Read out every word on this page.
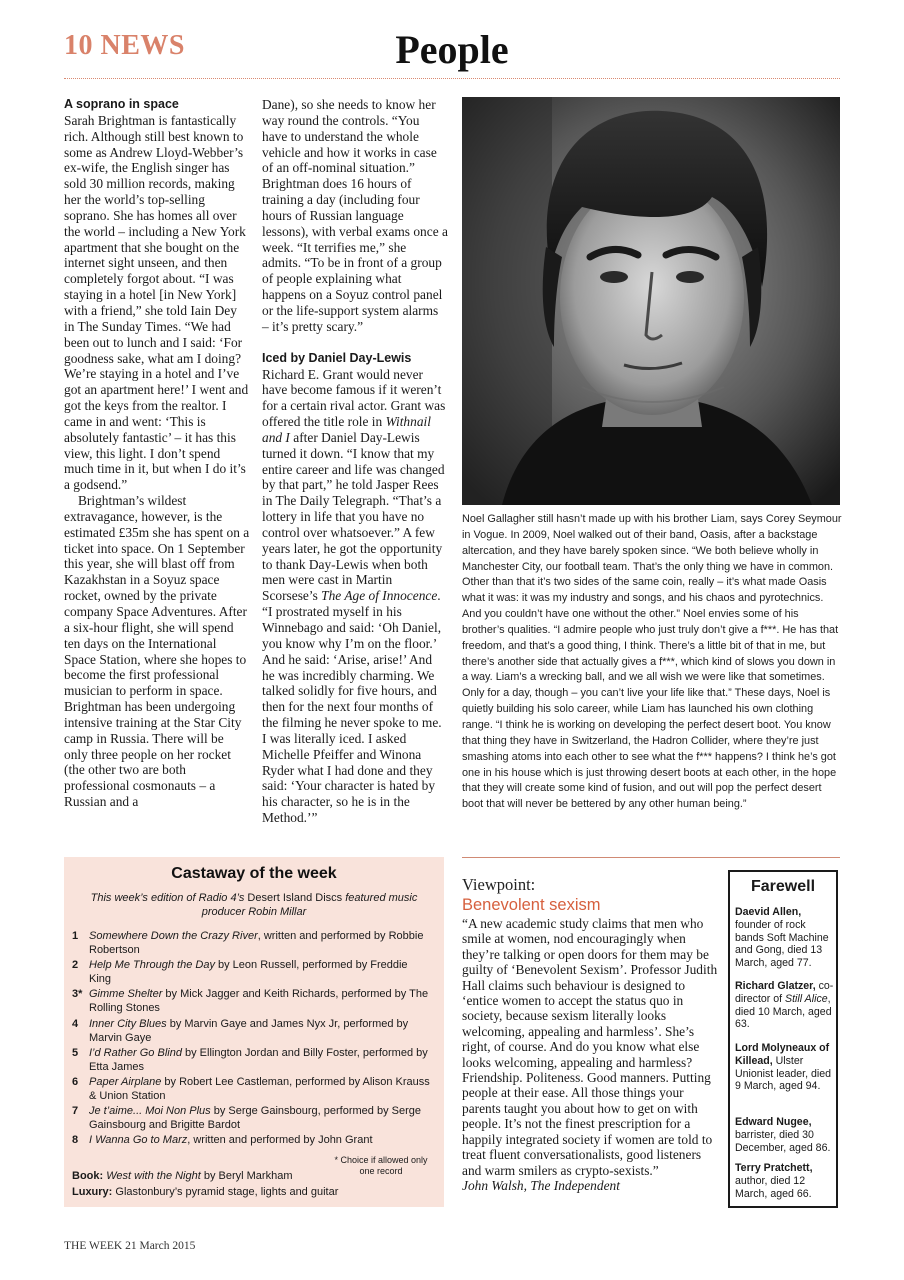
10 NEWS	People
A soprano in space

Sarah Brightman is fantastically rich. Although still best known to some as Andrew Lloyd-Webber’s ex-wife, the English singer has sold 30 million records, making her the world’s top-selling soprano. She has homes all over the world – including a New York apartment that she bought on the internet sight unseen, and then completely forgot about. “I was staying in a hotel [in New York] with a friend,” she told Iain Dey in The Sunday Times. “We had been out to lunch and I said: ‘For goodness sake, what am I doing? We’re staying in a hotel and I’ve got an apartment here!’ I went and got the keys from the realtor. I came in and went: ‘This is absolutely fantastic’ – it has this view, this light. I don’t spend much time in it, but when I do it’s a godsend.”

Brightman’s wildest extravagance, however, is the estimated £35m she has spent on a ticket into space. On 1 September this year, she will blast off from Kazakhstan in a Soyuz space rocket, owned by the private company Space Adventures. After a six-hour flight, she will spend ten days on the International Space Station, where she hopes to become the first professional musician to perform in space. Brightman has been undergoing intensive training at the Star City camp in Russia. There will be only three people on her rocket (the other two are both professional cosmonauts – a Russian and a

Dane), so she needs to know her way round the controls. “You have to understand the whole vehicle and how it works in case of an off-nominal situation.” Brightman does 16 hours of training a day (including four hours of Russian language lessons), with verbal exams once a week. “It terrifies me,” she admits. “To be in front of a group of people explaining what happens on a Soyuz control panel or the life-support system alarms – it’s pretty scary.”

Iced by Daniel Day-Lewis

Richard E. Grant would never have become famous if it weren’t for a certain rival actor. Grant was offered the title role in Withnail and I after Daniel Day-Lewis turned it down. “I know that my entire career and life was changed by that part,” he told Jasper Rees in The Daily Telegraph. “That’s a lottery in life that you have no control over whatsoever.” A few years later, he got the opportunity to thank Day-Lewis when both men were cast in Martin Scorsese’s The Age of Innocence. “I prostrated myself in his Winnebago and said: ‘Oh Daniel, you know why I’m on the floor.’ And he said: ‘Arise, arise!’ And he was incredibly charming. We talked solidly for five hours, and then for the next four months of the filming he never spoke to me. I was literally iced. I asked Michelle Pfeiffer and Winona Ryder what I had done and they said: ‘Your character is hated by his character, so he is in the Method.’”

Noel Gallagher still hasn’t made up with his brother Liam, says Corey Seymour in Vogue. In 2009, Noel walked out of their band, Oasis, after a backstage altercation, and they have barely spoken since. “We both believe wholly in Manchester City, our football team. That’s the only thing we have in common. Other than that it’s two sides of the same coin, really – it’s what made Oasis what it was: it was my industry and songs, and his chaos and pyrotechnics. And you couldn’t have one without the other.” Noel envies some of his brother’s qualities. “I admire people who just truly don’t give a f***. He has that freedom, and that’s a good thing, I think. There’s a little bit of that in me, but there’s another side that actually gives a f***, which kind of slows you down in a way. Liam’s a wrecking ball, and we all wish we were like that sometimes. Only for a day, though – you can’t live your life like that.” These days, Noel is quietly building his solo career, while Liam has launched his own clothing range. “I think he is working on developing the perfect desert boot. You know that thing they have in Switzerland, the Hadron Collider, where they’re just smashing atoms into each other to see what the f*** happens? I think he’s got one in his house which is just throwing desert boots at each other, in the hope that they will create some kind of fusion, and out will pop the perfect desert boot that will never be bettered by any other human being.”
Castaway of the week
This week’s edition of Radio 4’s Desert Island Discs featured music producer Robin Millar
1 Somewhere Down the Crazy River, written and performed by Robbie Robertson
2 Help Me Through the Day by Leon Russell, performed by Freddie King
3* Gimme Shelter by Mick Jagger and Keith Richards, performed by The Rolling Stones
4 Inner City Blues by Marvin Gaye and James Nyx Jr, performed by Marvin Gaye
5 I’d Rather Go Blind by Ellington Jordan and Billy Foster, performed by Etta James
6 Paper Airplane by Robert Lee Castleman, performed by Alison Krauss & Union Station
7 Je t’aime... Moi Non Plus by Serge Gainsbourg, performed by Serge Gainsbourg and Brigitte Bardot
8 I Wanna Go to Marz, written and performed by John Grant
* Choice if allowed only one record
Book: West with the Night by Beryl Markham
Luxury: Glastonbury’s pyramid stage, lights and guitar
Viewpoint:
Benevolent sexism
“A new academic study claims that men who smile at women, nod encouragingly when they’re talking or open doors for them may be guilty of ‘Benevolent Sexism’. Professor Judith Hall claims such behaviour is designed to ‘entice women to accept the status quo in society, because sexism literally looks welcoming, appealing and harmless’. She’s right, of course. And do you know what else looks welcoming, appealing and harmless? Friendship. Politeness. Good manners. Putting people at their ease. All those things your parents taught you about how to get on with people. It’s not the finest prescription for a happily integrated society if women are told to treat fluent conversationalists, good listeners and warm smilers as crypto-sexists.”
John Walsh, The Independent
Farewell
Daevid Allen, founder of rock bands Soft Machine and Gong, died 13 March, aged 77.
Richard Glatzer, co-director of Still Alice, died 10 March, aged 63.
Lord Molyneaux of Killead, Ulster Unionist leader, died 9 March, aged 94.
Edward Nugee, barrister, died 30 December, aged 86.
Terry Pratchett, author, died 12 March, aged 66.
THE WEEK 21 March 2015
